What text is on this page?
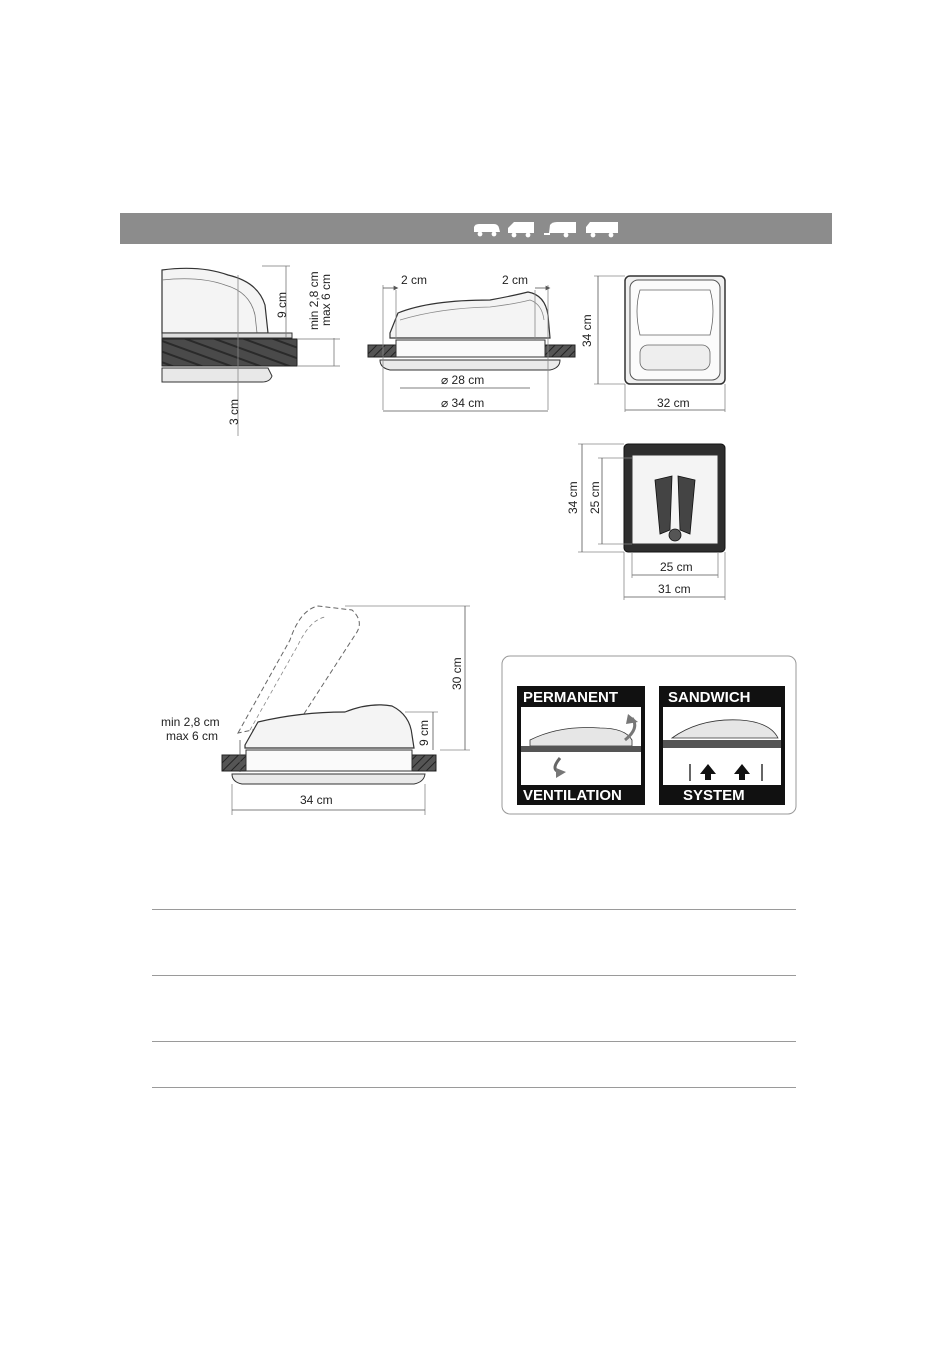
9 cm min 2,8 cm
max 6 cm
3 cm
2 cm	2 cm
⌀ 28 cm
⌀ 34 cm
34 cm
32 cm
34 cm 25 cm
25 cm
31 cm
30 cm
9 cm
min 2,8 cm
max 6 cm
34 cm
PERMANENT
VENTILATION
SANDWICH
SYSTEM
